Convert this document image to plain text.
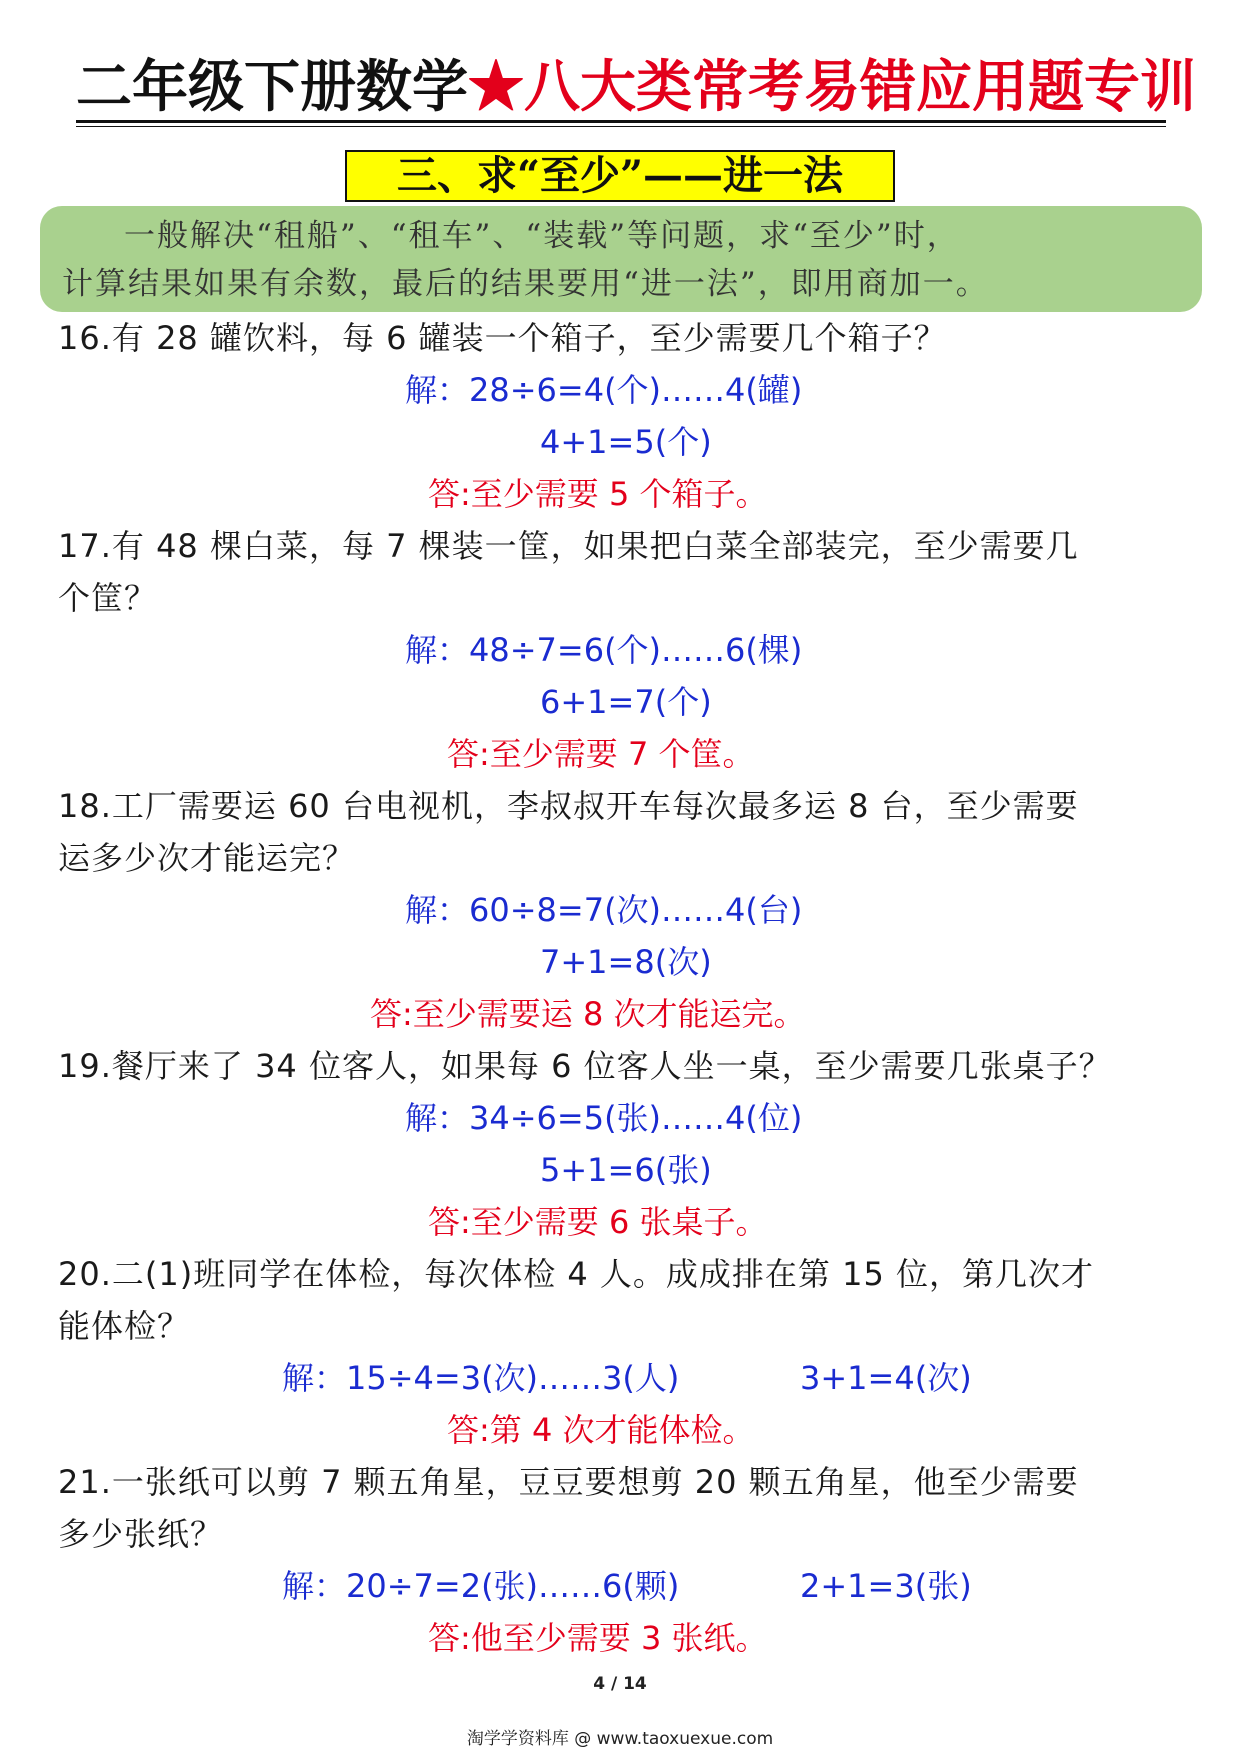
二年级下册数学★八大类常考易错应用题专训
三、求“至少”——进一法

一般解决“租船”、“租车”、“装载”等问题，求“至少”时，

计算结果如果有余数，最后的结果要用“进一法”，即用商加一。

16.有 28 罐饮料，每 6 罐装一个箱子，至少需要几个箱子？
解：28÷6=4(个)……4(罐)
4+1=5(个)
答:至少需要 5 个箱子。
17.有 48 棵白菜，每 7 棵装一筐，如果把白菜全部装完，至少需要几
个筐？
解：48÷7=6(个)……6(棵)
6+1=7(个)
答:至少需要 7 个筐。
18.工厂需要运 60 台电视机，李叔叔开车每次最多运 8 台，至少需要
运多少次才能运完？
解：60÷8=7(次)……4(台)
7+1=8(次)
答:至少需要运 8 次才能运完。
19.餐厅来了 34 位客人，如果每 6 位客人坐一桌，至少需要几张桌子？
解：34÷6=5(张)……4(位)
5+1=6(张)
答:至少需要 6 张桌子。
20.二(1)班同学在体检，每次体检 4 人。成成排在第 15 位，第几次才
能体检？
解：15÷4=3(次)……3(人)	3+1=4(次)
答:第 4 次才能体检。
21.一张纸可以剪 7 颗五角星，豆豆要想剪 20 颗五角星，他至少需要
多少张纸？
解：20÷7=2(张)……6(颗)	2+1=3(张)
答:他至少需要 3 张纸。
4 / 14
淘学学资料库 @ www.taoxuexue.com
